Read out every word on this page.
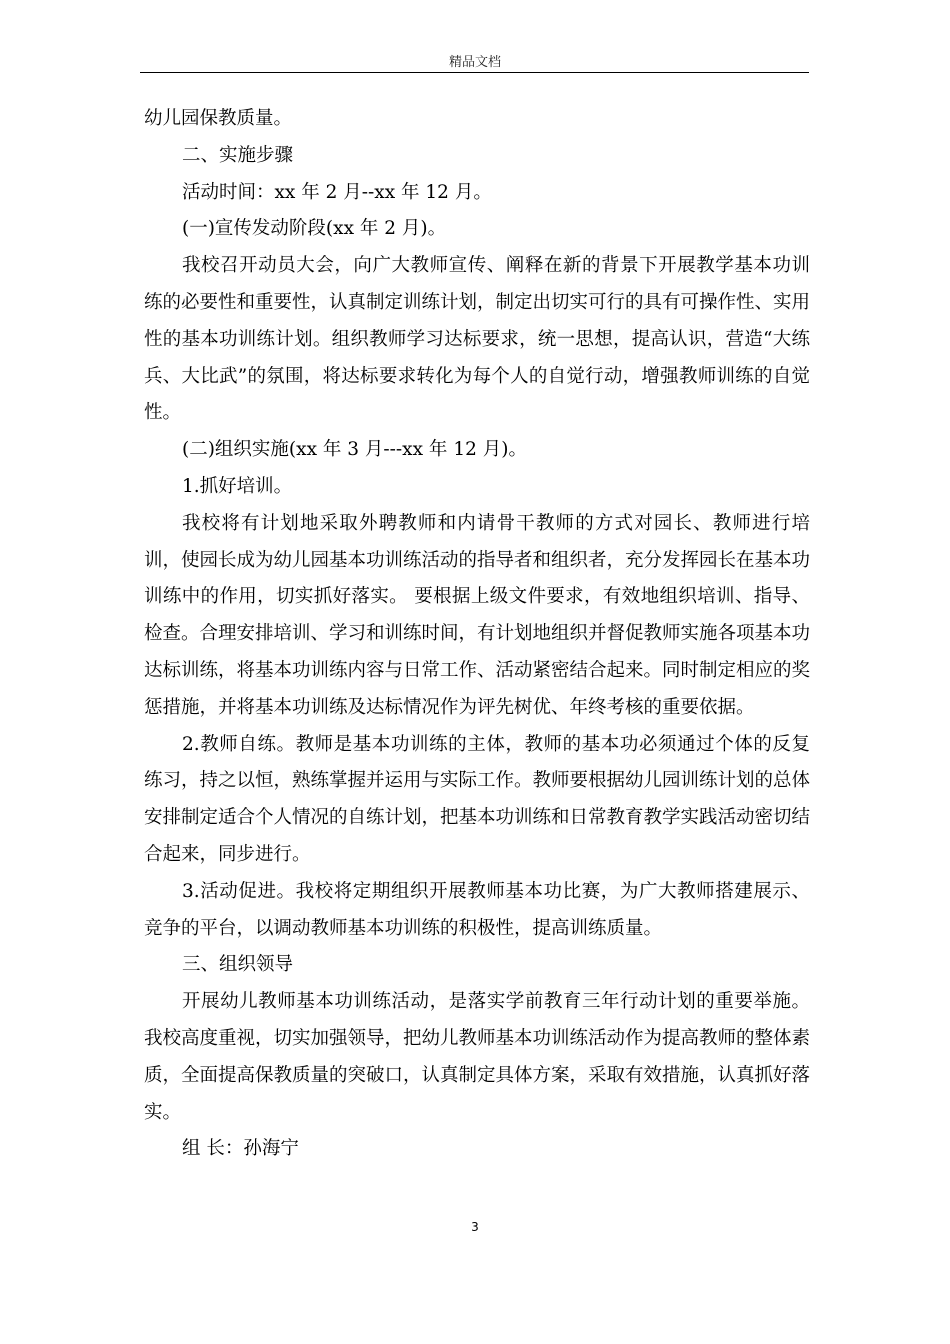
精品文档

幼儿园保教质量。

二、实施步骤

活动时间：xx 年 2 月--xx 年 12 月。

(一)宣传发动阶段(xx 年 2 月)。

我校召开动员大会，向广大教师宣传、阐释在新的背景下开展教学基本功训练的必要性和重要性，认真制定训练计划，制定出切实可行的具有可操作性、实用性的基本功训练计划。组织教师学习达标要求，统一思想，提高认识，营造“大练兵、大比武”的氛围，将达标要求转化为每个人的自觉行动，增强教师训练的自觉性。

(二)组织实施(xx 年 3 月---xx 年 12 月)。

1.抓好培训。

我校将有计划地采取外聘教师和内请骨干教师的方式对园长、教师进行培训，使园长成为幼儿园基本功训练活动的指导者和组织者，充分发挥园长在基本功训练中的作用，切实抓好落实。 要根据上级文件要求，有效地组织培训、指导、检查。合理安排培训、学习和训练时间，有计划地组织并督促教师实施各项基本功达标训练，将基本功训练内容与日常工作、活动紧密结合起来。同时制定相应的奖惩措施，并将基本功训练及达标情况作为评先树优、年终考核的重要依据。

2.教师自练。教师是基本功训练的主体，教师的基本功必须通过个体的反复练习，持之以恒，熟练掌握并运用与实际工作。教师要根据幼儿园训练计划的总体安排制定适合个人情况的自练计划，把基本功训练和日常教育教学实践活动密切结合起来，同步进行。

3.活动促进。我校将定期组织开展教师基本功比赛，为广大教师搭建展示、竞争的平台，以调动教师基本功训练的积极性，提高训练质量。

三、组织领导

开展幼儿教师基本功训练活动，是落实学前教育三年行动计划的重要举施。我校高度重视，切实加强领导，把幼儿教师基本功训练活动作为提高教师的整体素质，全面提高保教质量的突破口，认真制定具体方案，采取有效措施，认真抓好落实。

组 长：孙海宁

3
